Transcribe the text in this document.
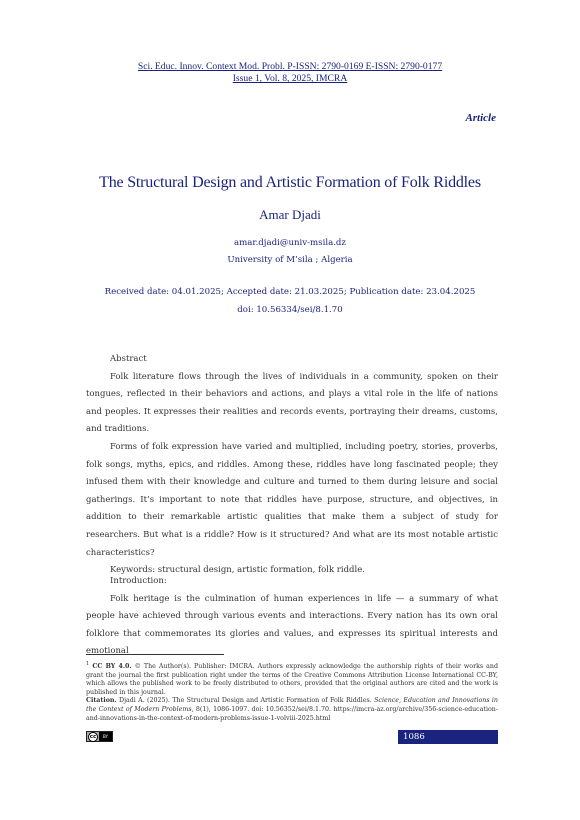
Sci. Educ. Innov. Context Mod. Probl. P-ISSN: 2790-0169 E-ISSN: 2790-0177
Issue 1, Vol. 8, 2025, IMCRA
Article
The Structural Design and Artistic Formation of Folk Riddles
Amar Djadi
amar.djadi@univ-msila.dz
University of M’sila ; Algeria
Received date: 04.01.2025; Accepted date: 21.03.2025; Publication date: 23.04.2025
doi: 10.56334/sei/8.1.70

Abstract

Folk literature flows through the lives of individuals in a community, spoken on their tongues, reflected in their behaviors and actions, and plays a vital role in the life of nations and peoples. It expresses their realities and records events, portraying their dreams, customs, and traditions.

Forms of folk expression have varied and multiplied, including poetry, stories, proverbs, folk songs, myths, epics, and riddles. Among these, riddles have long fascinated people; they infused them with their knowledge and culture and turned to them during leisure and social gatherings. It’s important to note that riddles have purpose, structure, and objectives, in addition to their remarkable artistic qualities that make them a subject of study for researchers. But what is a riddle? How is it structured? And what are its most notable artistic characteristics?

Keywords: structural design, artistic formation, folk riddle.

Introduction:

Folk heritage is the culmination of human experiences in life — a summary of what people have achieved through various events and interactions. Every nation has its own oral folklore that commemorates its glories and values, and expresses its spiritual interests and emotional

$^1$ CC BY 4.0. © The Author(s). Publisher: IMCRA. Authors expressly acknowledge the authorship rights of their works and grant the journal the first publication right under the terms of the Creative Commons Attribution License International CC-BY, which allows the published work to be freely distributed to others, provided that the original authors are cited and the work is published in this journal.

Citation. Djadi A. (2025). The Structural Design and Artistic Formation of Folk Riddles. Science, Education and Innovations in the Context of Modern Problems, 8(1), 1086-1097. doi: 10.56352/sei/8.1.70. https://imcra-az.org/archive/356-science-education-and-innovations-in-the-context-of-modern-problems-issue-1-volviii-2025.html

cc	BY	1086
